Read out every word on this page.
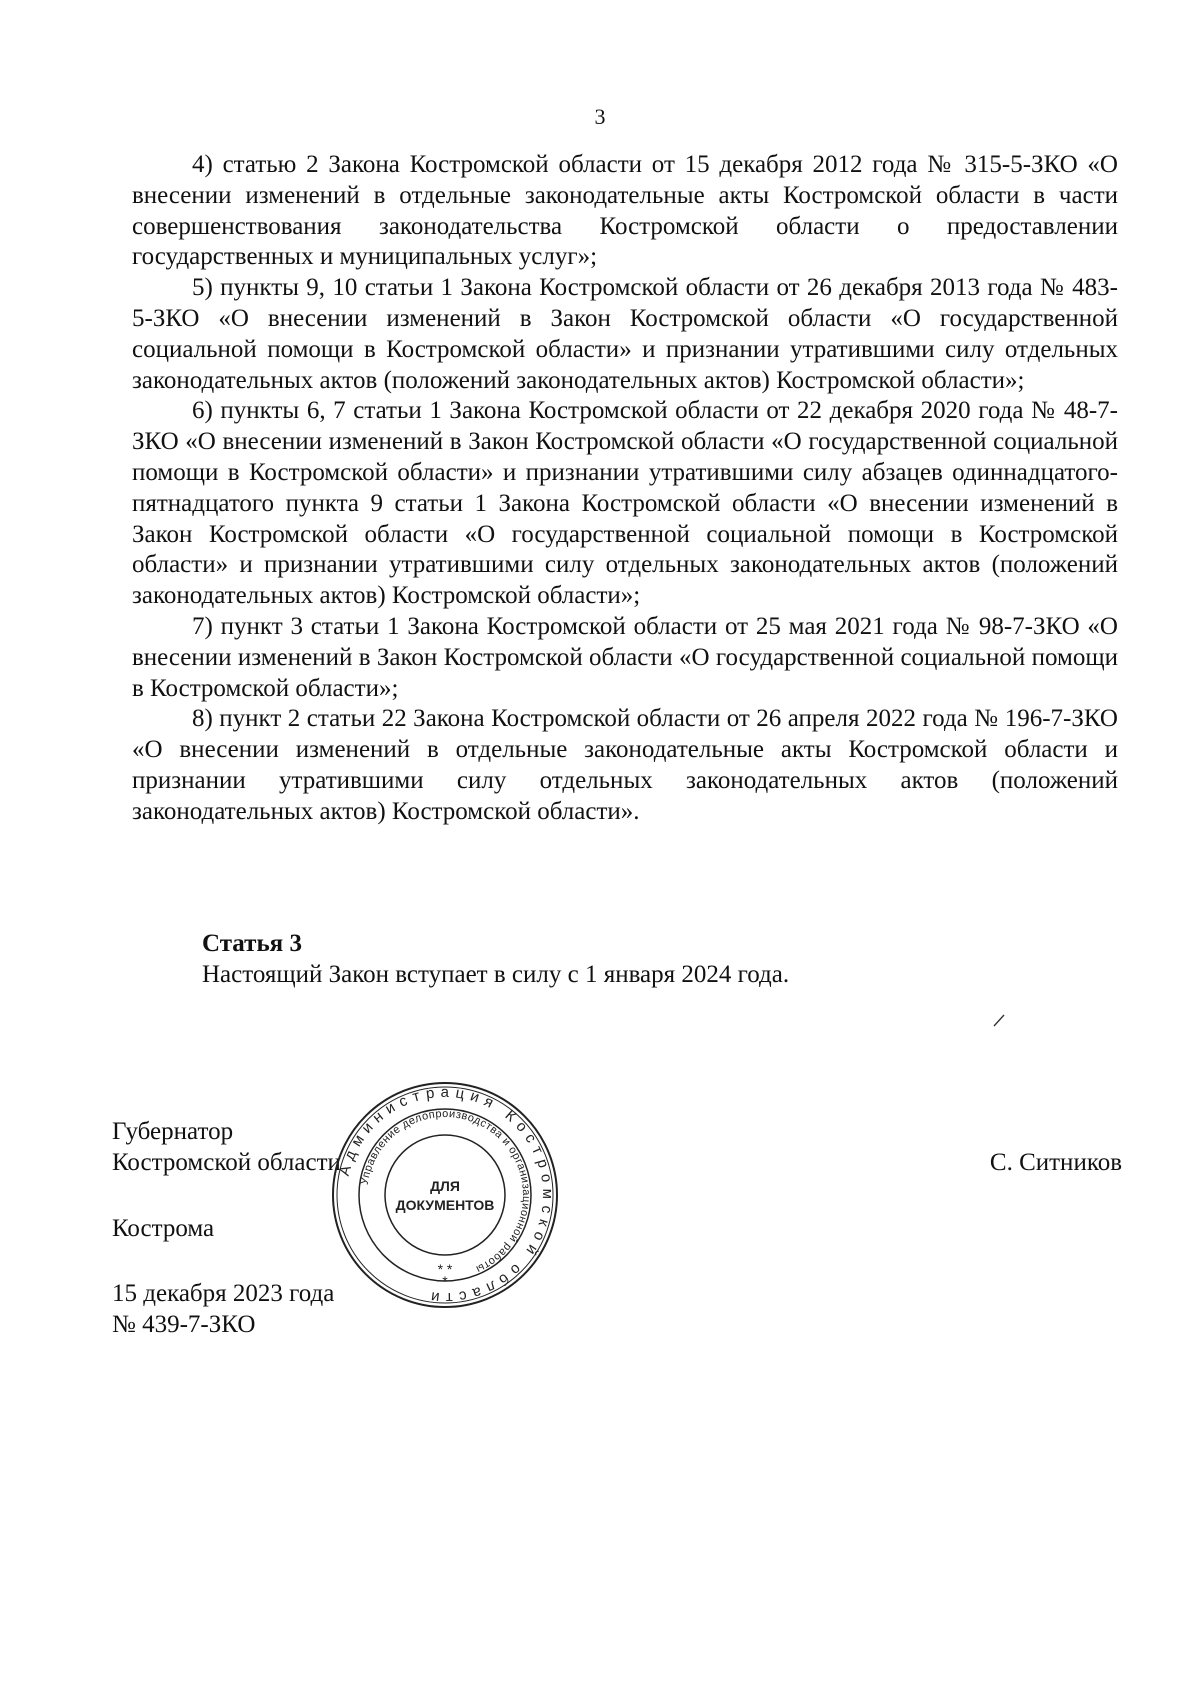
3

4) статью 2 Закона Костромской области от 15 декабря 2012 года № 315-5-ЗКО «О внесении изменений в отдельные законодательные акты Костромской области в части совершенствования законодательства Костромской области о предоставлении государственных и муниципальных услуг»;

5) пункты 9, 10 статьи 1 Закона Костромской области от 26 декабря 2013 года № 483-5-ЗКО «О внесении изменений в Закон Костромской области «О государственной социальной помощи в Костромской области» и признании утратившими силу отдельных законодательных актов (положений законодательных актов) Костромской области»;

6) пункты 6, 7 статьи 1 Закона Костромской области от 22 декабря 2020 года № 48-7-ЗКО «О внесении изменений в Закон Костромской области «О государственной социальной помощи в Костромской области» и признании утратившими силу абзацев одиннадцатого-пятнадцатого пункта 9 статьи 1 Закона Костромской области «О внесении изменений в Закон Костромской области «О государственной социальной помощи в Костромской области» и признании утратившими силу отдельных законодательных актов (положений законодательных актов) Костромской области»;

7) пункт 3 статьи 1 Закона Костромской области от 25 мая 2021 года № 98-7-ЗКО «О внесении изменений в Закон Костромской области «О государственной социальной помощи в Костромской области»;

8) пункт 2 статьи 22 Закона Костромской области от 26 апреля 2022 года № 196-7-ЗКО «О внесении изменений в отдельные законодательные акты Костромской области и признании утратившими силу отдельных законодательных актов (положений законодательных актов) Костромской области».

Статья 3
Настоящий Закон вступает в силу с 1 января 2024 года.
Губернатор
Костромской области	С. Ситников
Кострома
15 декабря 2023 года
№ 439-7-ЗКО
Администрация Костромской области
Управление делопроизводства и организационной работы
ДЛЯ
ДОКУМЕНТОВ
* *
*
